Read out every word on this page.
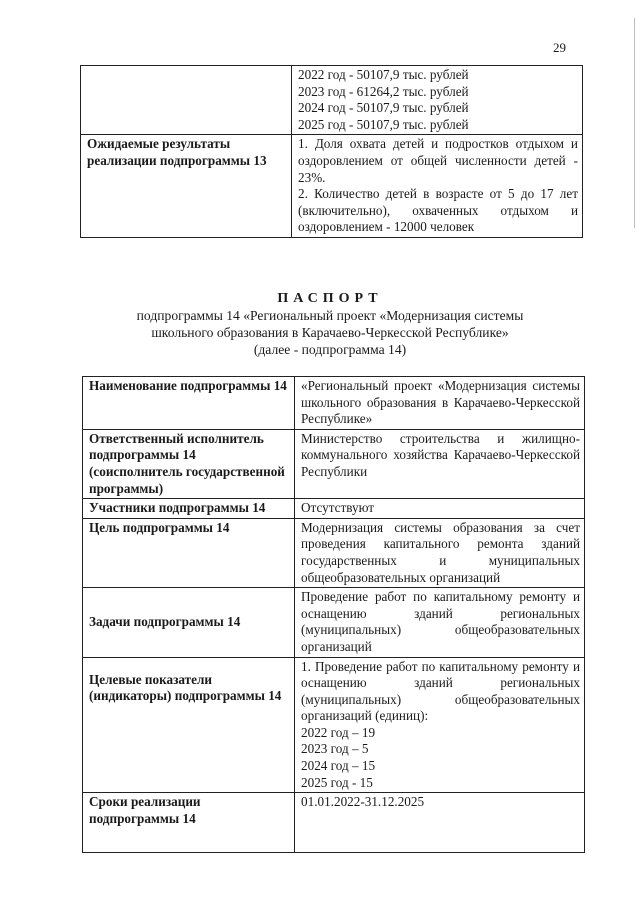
29

	2022 год - 50107,9 тыс. рублей
2023 год - 61264,2 тыс. рублей
2024 год - 50107,9 тыс. рублей
2025 год - 50107,9 тыс. рублей

Ожидаемые результаты реализации подпрограммы 13	1. Доля охвата детей и подростков отдыхом и оздоровлением от общей численности детей - 23%.
2. Количество детей в возрасте от 5 до 17 лет (включительно), охваченных отдыхом и оздоровлением - 12000 человек
ПАСПОРТ
подпрограммы 14 «Региональный проект «Модернизация системы
школьного образования в Карачаево-Черкесской Республике»
(далее - подпрограмма 14)
Наименование подпрограммы 14	«Региональный проект «Модернизация системы школьного образования в Карачаево-Черкесской Республике»
Ответственный исполнитель подпрограммы 14 (соисполнитель государственной программы)	Министерство строительства и жилищно-коммунального хозяйства Карачаево-Черкесской Республики
Участники подпрограммы 14	Отсутствуют
Цель подпрограммы 14	Модернизация системы образования за счет проведения капитального ремонта зданий государственных и муниципальных общеобразовательных организаций
Задачи подпрограммы 14	Проведение работ по капитальному ремонту и оснащению зданий региональных (муниципальных) общеобразовательных организаций
Целевые показатели (индикаторы) подпрограммы 14	1. Проведение работ по капитальному ремонту и оснащению зданий региональных (муниципальных) общеобразовательных организаций (единиц):
2022 год – 19
2023 год – 5
2024 год – 15
2025 год - 15

Сроки реализации подпрограммы 14	01.01.2022-31.12.2025
